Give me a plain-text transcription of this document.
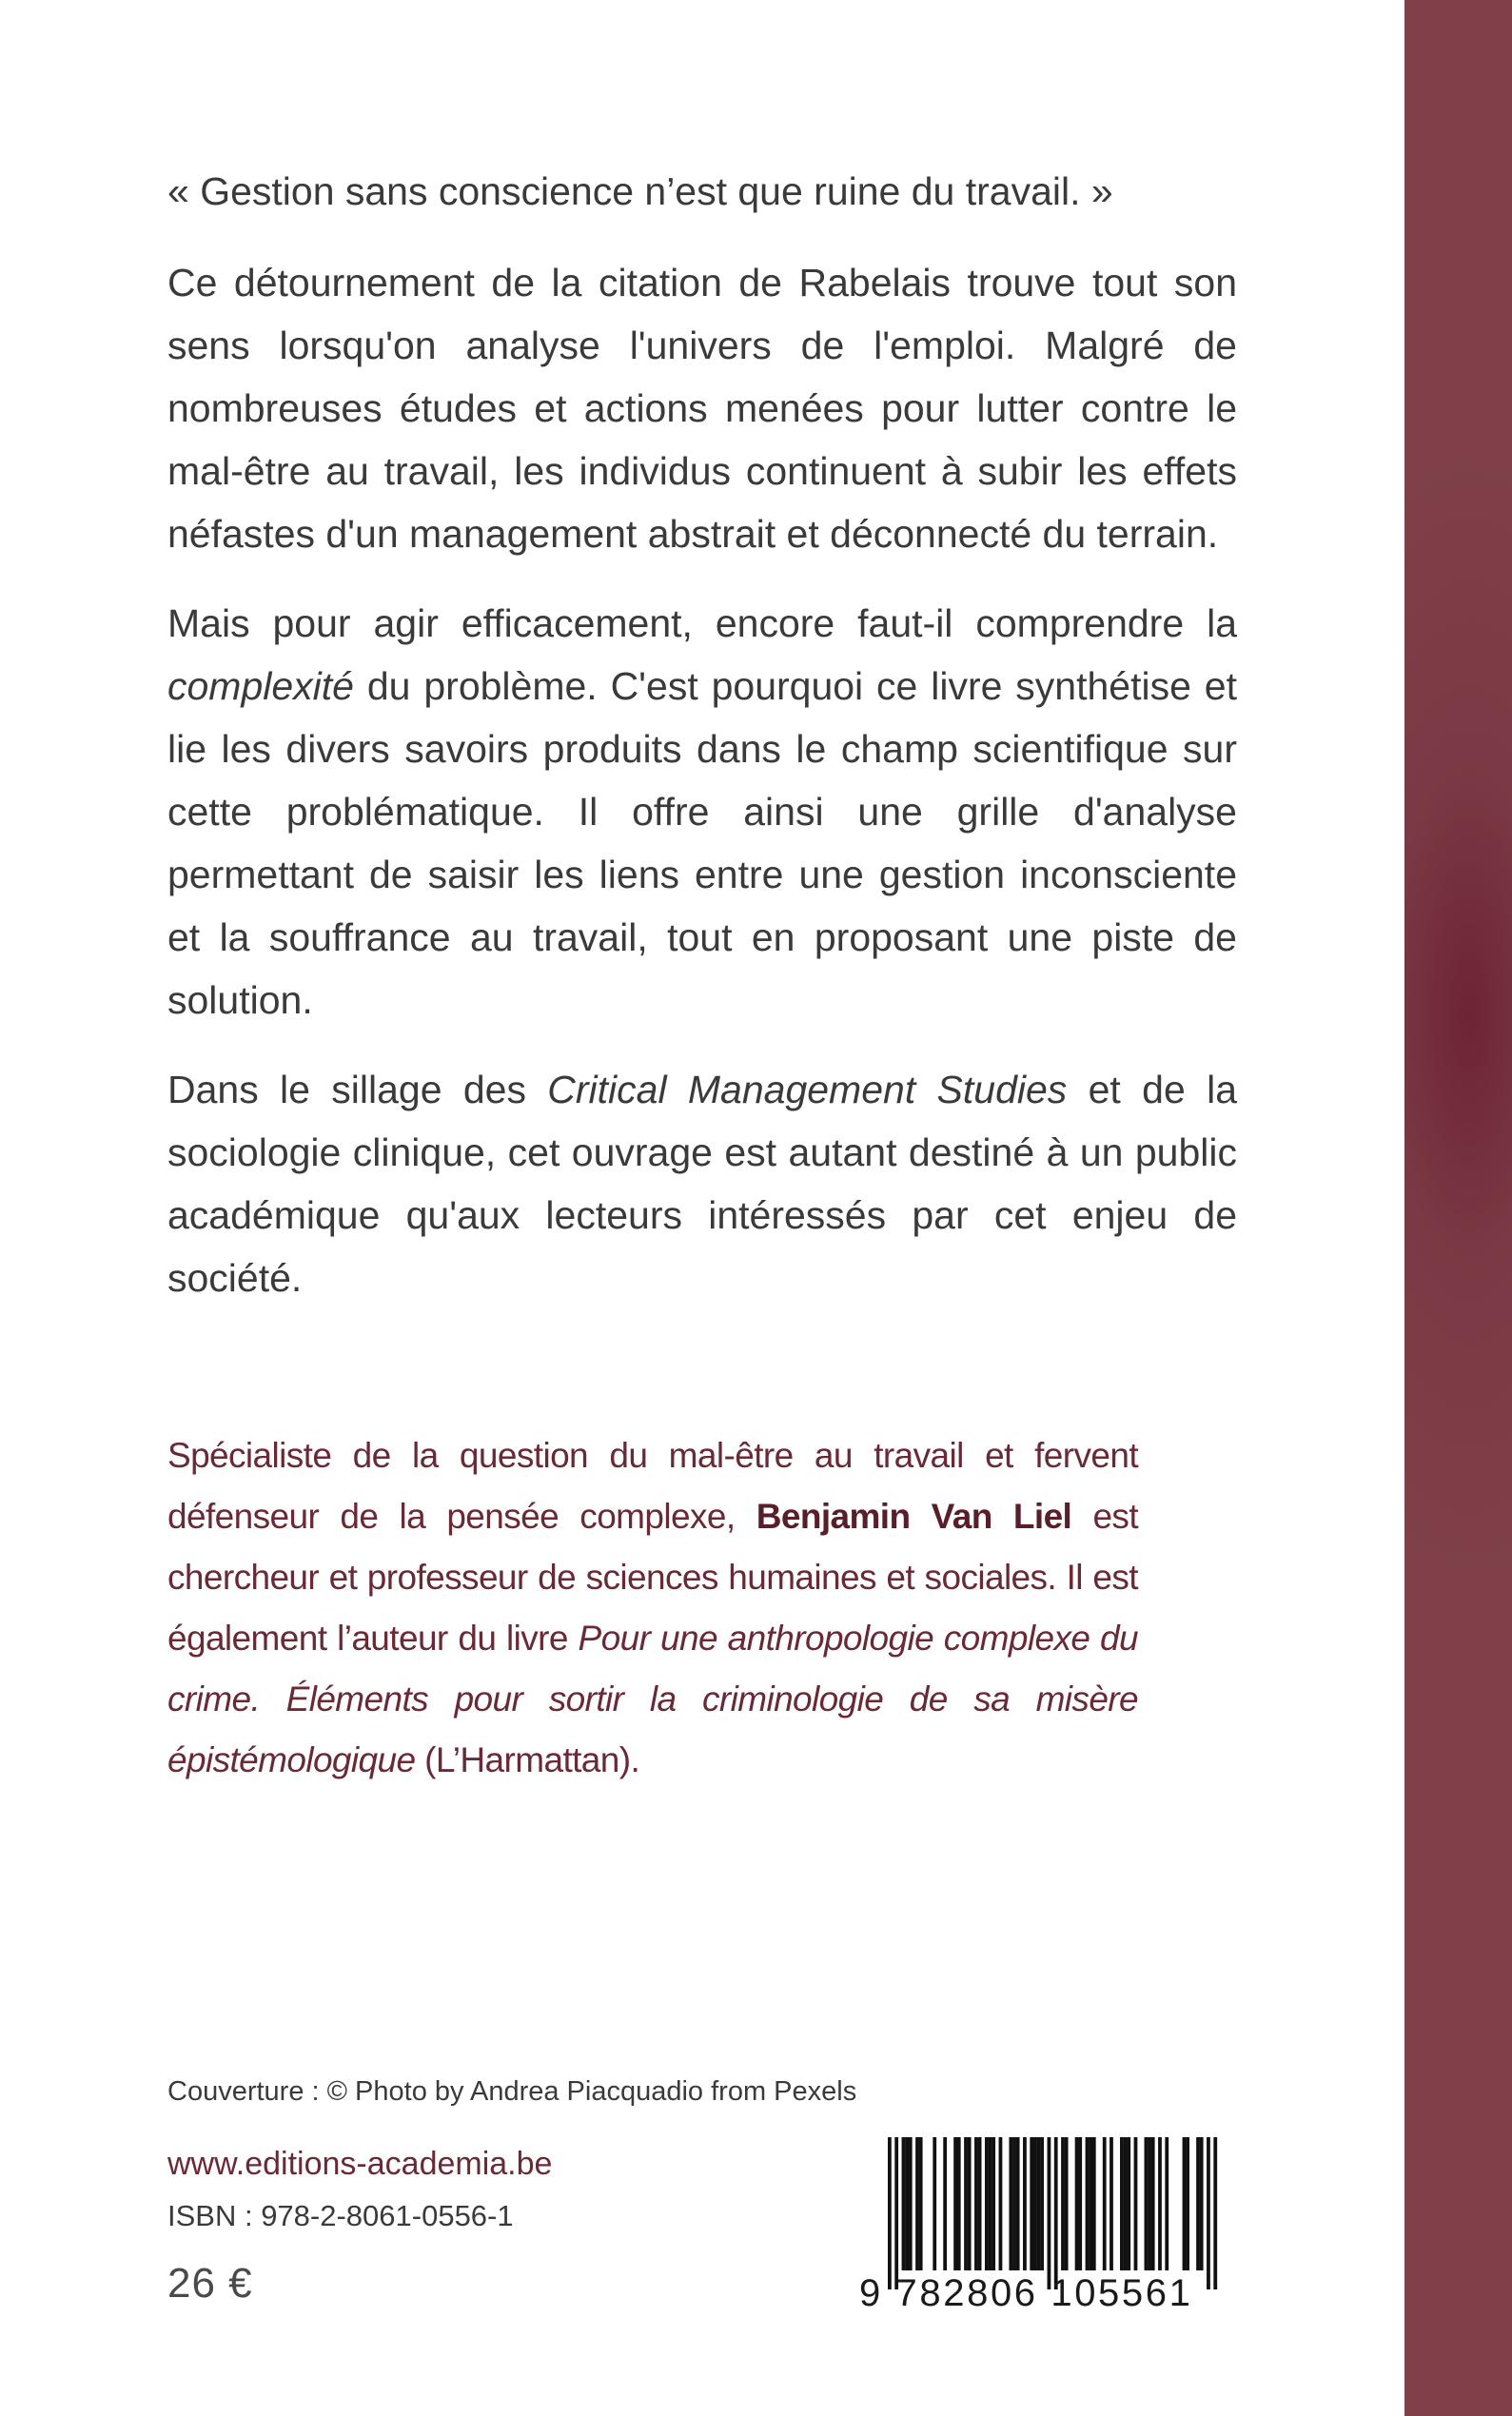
« Gestion sans conscience n’est que ruine du travail. »

Ce détournement de la citation de Rabelais trouve tout son sens lorsqu'on analyse l'univers de l'emploi. Malgré de nombreuses études et actions menées pour lutter contre le mal-être au travail, les individus continuent à subir les effets néfastes d'un management abstrait et déconnecté du terrain.

Mais pour agir efficacement, encore faut-il comprendre la complexité du problème. C'est pourquoi ce livre synthétise et lie les divers savoirs produits dans le champ scientifique sur cette problématique. Il offre ainsi une grille d'analyse permettant de saisir les liens entre une gestion inconsciente et la souffrance au travail, tout en proposant une piste de solution.

Dans le sillage des Critical Management Studies et de la sociologie clinique, cet ouvrage est autant destiné à un public académique qu'aux lecteurs intéressés par cet enjeu de société.

Spécialiste de la question du mal-être au travail et fervent défenseur de la pensée complexe, Benjamin Van Liel est chercheur et professeur de sciences humaines et sociales. Il est également l’auteur du livre Pour une anthropologie complexe du crime. Éléments pour sortir la criminologie de sa misère épistémologique (L’Harmattan).

Couverture : © Photo by Andrea Piacquadio from Pexels
www.editions-academia.be
ISBN : 978-2-8061-0556-1
26 €	9 782806 105561
